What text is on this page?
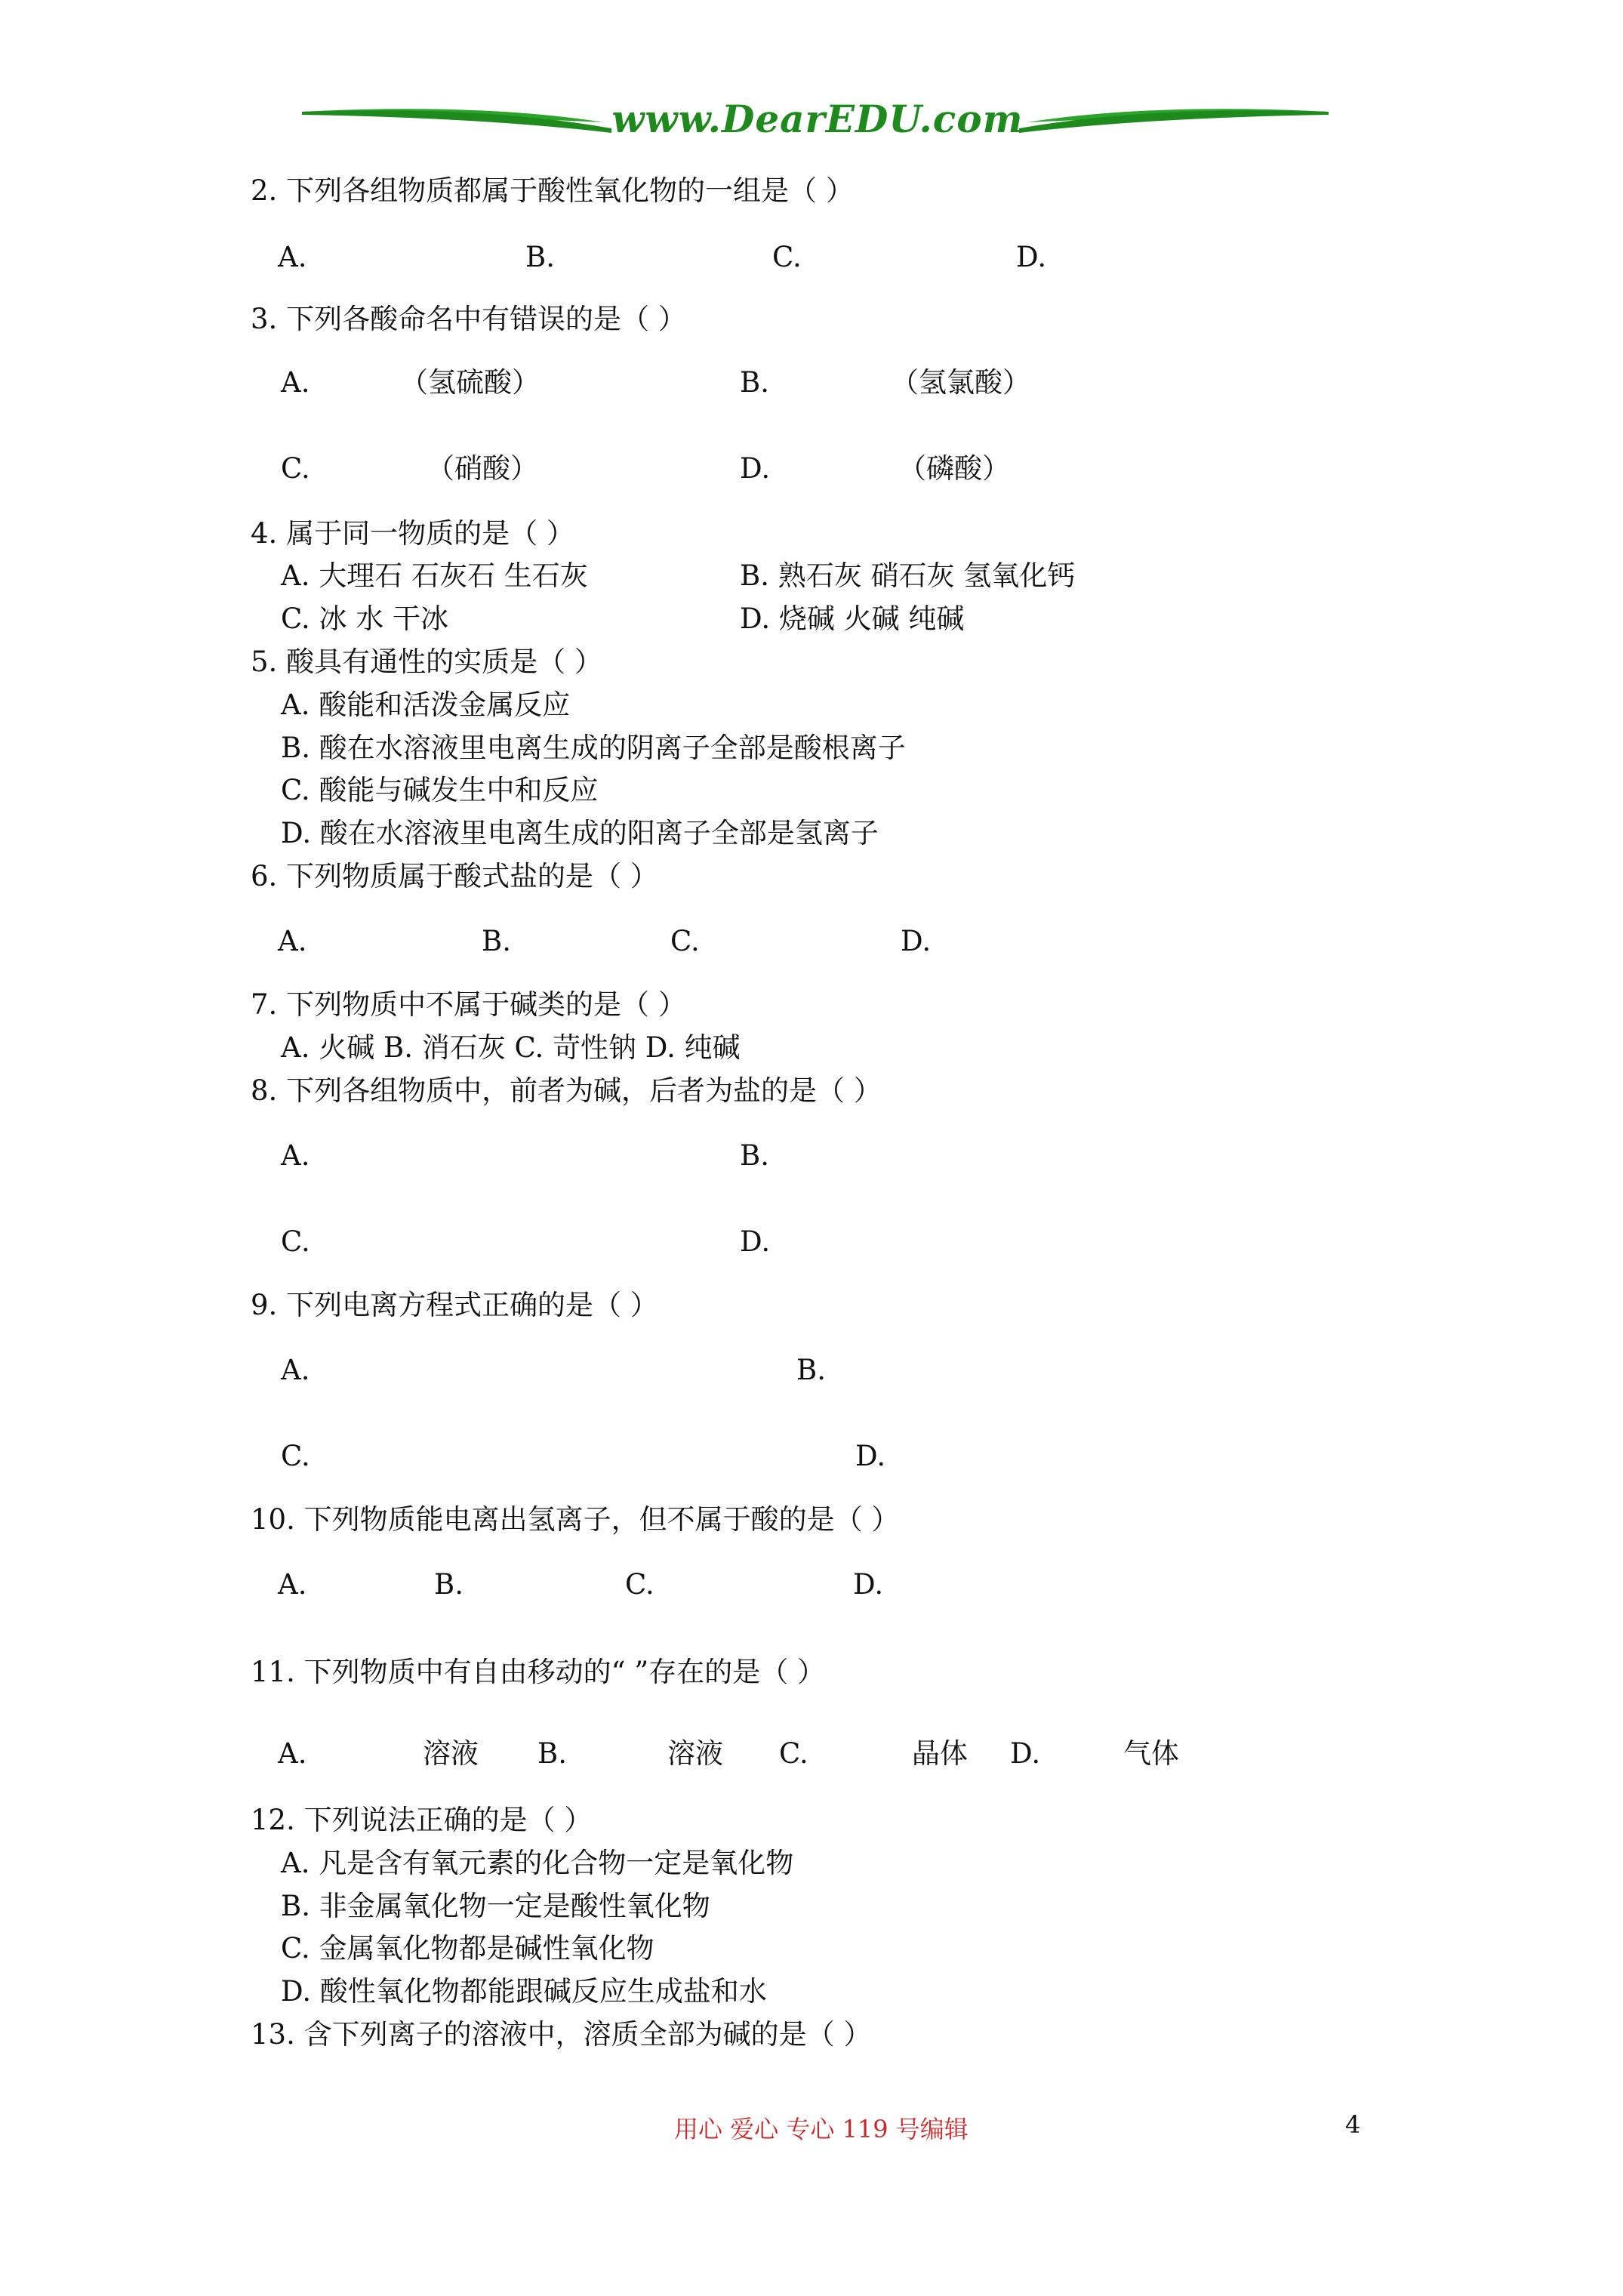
www.DearEDU.com
2. 下列各组物质都属于酸性氧化物的一组是（ ）
A.	B.	C.	D.
3. 下列各酸命名中有错误的是（ ）
A.	（氢硫酸）	B.	（氢氯酸）
C.	（硝酸）	D.	（磷酸）
4. 属于同一物质的是（ ）
A. 大理石 石灰石 生石灰	B. 熟石灰 硝石灰 氢氧化钙
C. 冰 水 干冰	D. 烧碱 火碱 纯碱
5. 酸具有通性的实质是（ ）
A. 酸能和活泼金属反应
B. 酸在水溶液里电离生成的阴离子全部是酸根离子
C. 酸能与碱发生中和反应
D. 酸在水溶液里电离生成的阳离子全部是氢离子
6. 下列物质属于酸式盐的是（ ）
A.	B.	C.	D.
7. 下列物质中不属于碱类的是（ ）
A. 火碱 B. 消石灰 C. 苛性钠 D. 纯碱
8. 下列各组物质中，前者为碱，后者为盐的是（ ）
A.	B.
C.	D.
9. 下列电离方程式正确的是（ ）
A.	B.
C.	D.
10. 下列物质能电离出氢离子，但不属于酸的是（ ）
A.	B.	C.	D.
11. 下列物质中有自由移动的“ ”存在的是（ ）
A.	溶液 B.	溶液 C.	晶体 D.	气体
12. 下列说法正确的是（ ）
A. 凡是含有氧元素的化合物一定是氧化物
B. 非金属氧化物一定是酸性氧化物
C. 金属氧化物都是碱性氧化物
D. 酸性氧化物都能跟碱反应生成盐和水
13. 含下列离子的溶液中，溶质全部为碱的是（ ）
用心 爱心 专心 119 号编辑	4
